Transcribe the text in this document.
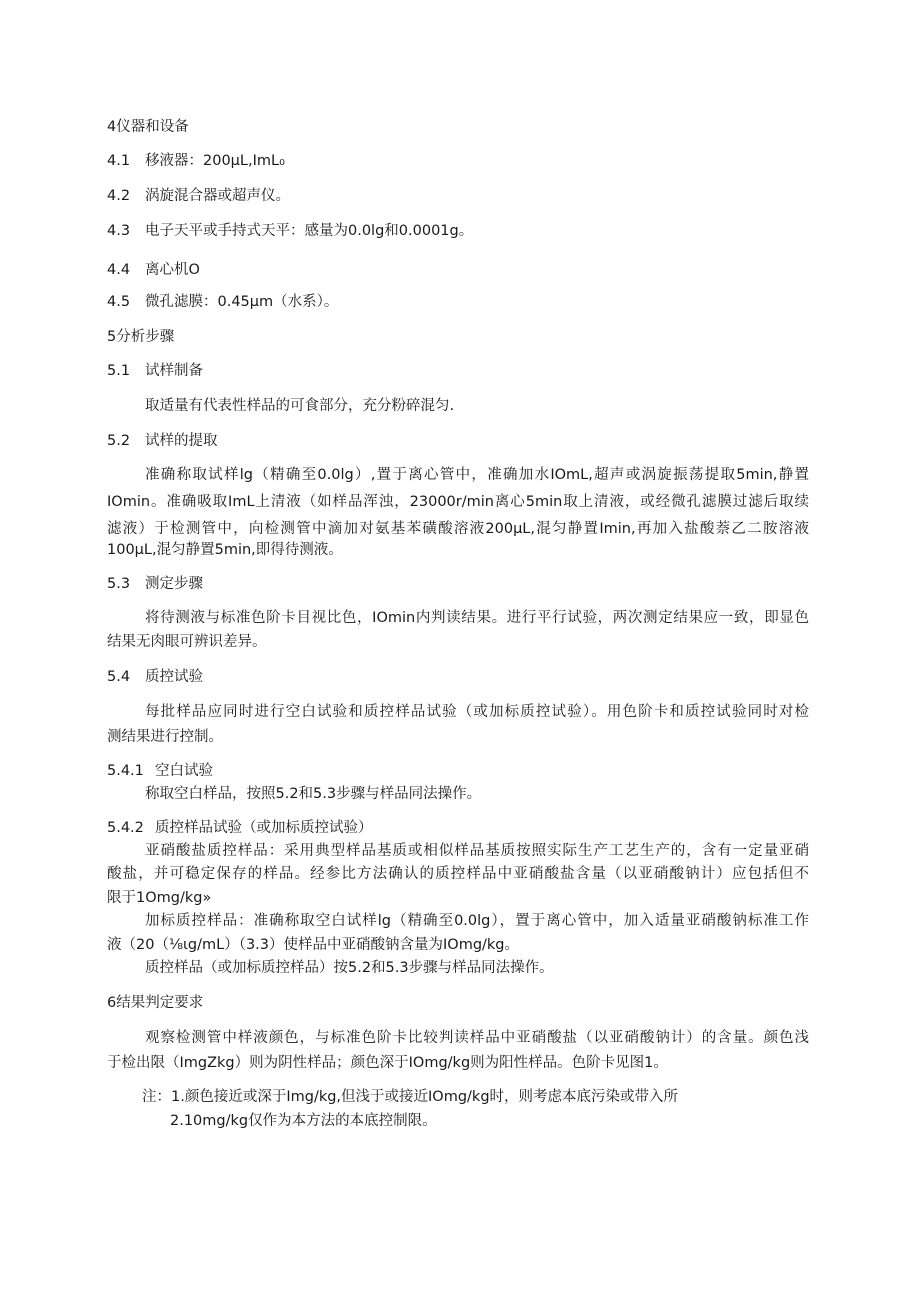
4仪器和设备
4.1 移液器：200μL,ImL₀
4.2 涡旋混合器或超声仪。
4.3 电子天平或手持式天平：感量为0.0lg和0.0001g。
4.4 离心机O
4.5 微孔滤膜：0.45μm（水系）。
5分析步骤
5.1 试样制备
取适量有代表性样品的可食部分，充分粉碎混匀.
5.2 试样的提取
准确称取试样lg（精确至0.0lg）,置于离心管中，准确加水IOmL,超声或涡旋振荡提取5min,静置
IOmin。准确吸取ImL上清液（如样品浑浊，23000r/min离心5min取上清液，或经微孔滤膜过滤后取续
滤液）于检测管中，向检测管中滴加对氨基苯磺酸溶液200μL,混匀静置Imin,再加入盐酸萘乙二胺溶液
100μL,混匀静置5min,即得待测液。
5.3 测定步骤
将待测液与标准色阶卡目视比色，IOmin内判读结果。进行平行试验，两次测定结果应一致，即显色
结果无肉眼可辨识差异。
5.4 质控试验
每批样品应同时进行空白试验和质控样品试验（或加标质控试验）。用色阶卡和质控试验同时对检
测结果进行控制。
5.4.1 空白试验
称取空白样品，按照5.2和5.3步骤与样品同法操作。
5.4.2 质控样品试验（或加标质控试验）
亚硝酸盐质控样品：采用典型样品基质或相似样品基质按照实际生产工艺生产的，含有一定量亚硝
酸盐，并可稳定保存的样品。经参比方法确认的质控样品中亚硝酸盐含量（以亚硝酸钠计）应包括但不
限于1Omg/kg»
加标质控样品：准确称取空白试样lg（精确至0.0lg），置于离心管中，加入适量亚硝酸钠标准工作
液（20（⅛ιg∕mL）（3.3）使样品中亚硝酸钠含量为IOmg/kg。
质控样品（或加标质控样品）按5.2和5.3步骤与样品同法操作。
6结果判定要求
观察检测管中样液颜色，与标准色阶卡比较判读样品中亚硝酸盐（以亚硝酸钠计）的含量。颜色浅
于检出限（ImgZkg）则为阴性样品；颜色深于IOmg∕kg则为阳性样品。色阶卡见图1。
注：1.颜色接近或深于Img∕kg,但浅于或接近IOmg∕kg时，则考虑本底污染或带入所
2.10mg∕kg仅作为本方法的本底控制限。
